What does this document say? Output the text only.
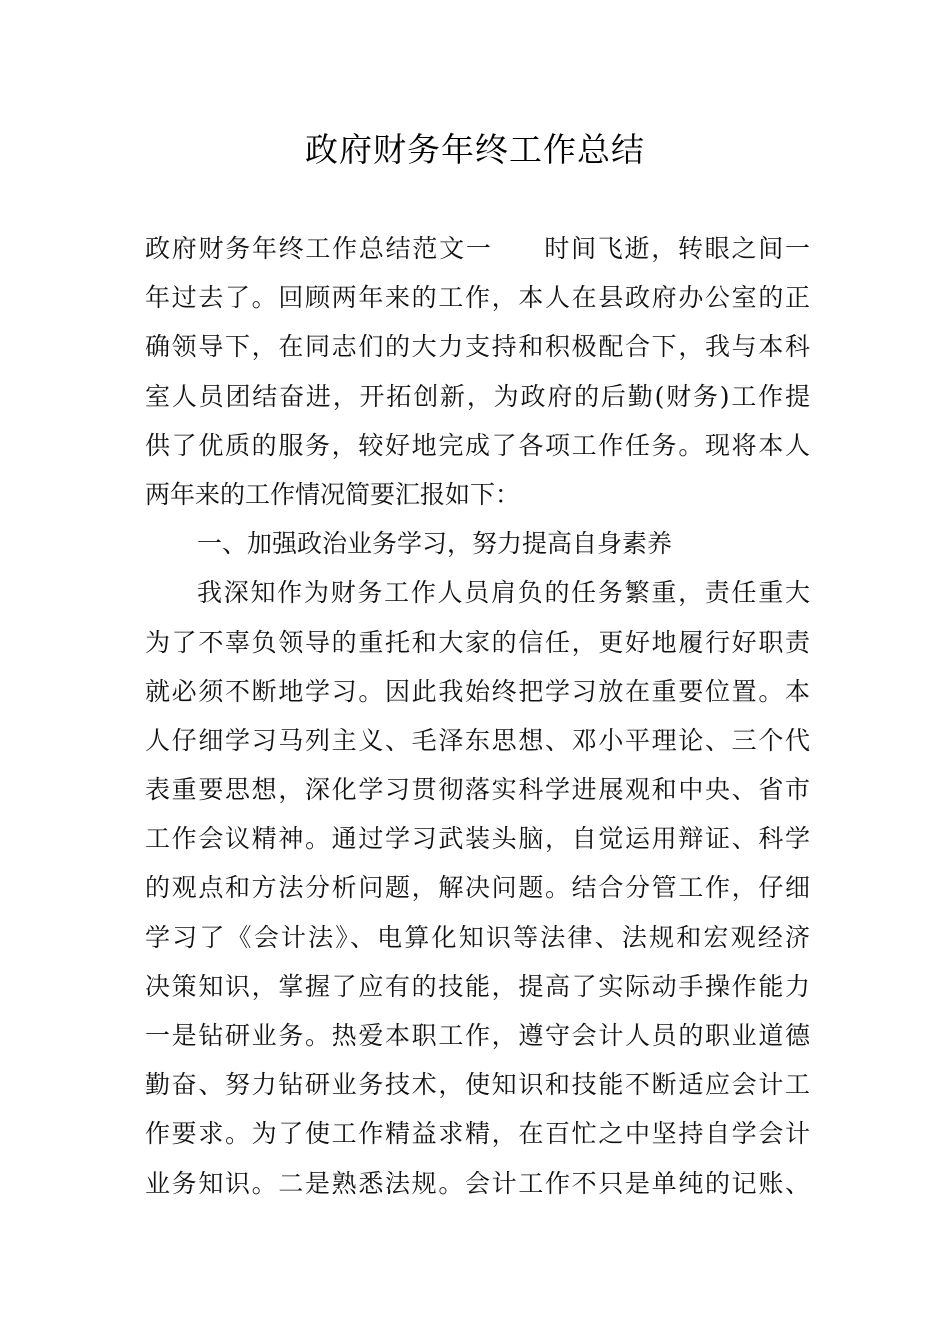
政府财务年终工作总结
政府财务年终工作总结范文一 时间飞逝，转眼之间一
年过去了。回顾两年来的工作，本人在县政府办公室的正
确领导下，在同志们的大力支持和积极配合下，我与本科
室人员团结奋进，开拓创新，为政府的后勤(财务)工作提
供了优质的服务，较好地完成了各项工作任务。现将本人
两年来的工作情况简要汇报如下：
一、加强政治业务学习，努力提高自身素养
我深知作为财务工作人员肩负的任务繁重，责任重大
为了不辜负领导的重托和大家的信任，更好地履行好职责
就必须不断地学习。因此我始终把学习放在重要位置。本
人仔细学习马列主义、毛泽东思想、邓小平理论、三个代
表重要思想，深化学习贯彻落实科学进展观和中央、省市
工作会议精神。通过学习武装头脑，自觉运用辩证、科学
的观点和方法分析问题，解决问题。结合分管工作，仔细
学习了《会计法》、电算化知识等法律、法规和宏观经济
决策知识，掌握了应有的技能，提高了实际动手操作能力
一是钻研业务。热爱本职工作，遵守会计人员的职业道德
勤奋、努力钻研业务技术，使知识和技能不断适应会计工
作要求。为了使工作精益求精，在百忙之中坚持自学会计
业务知识。二是熟悉法规。会计工作不只是单纯的记账、
